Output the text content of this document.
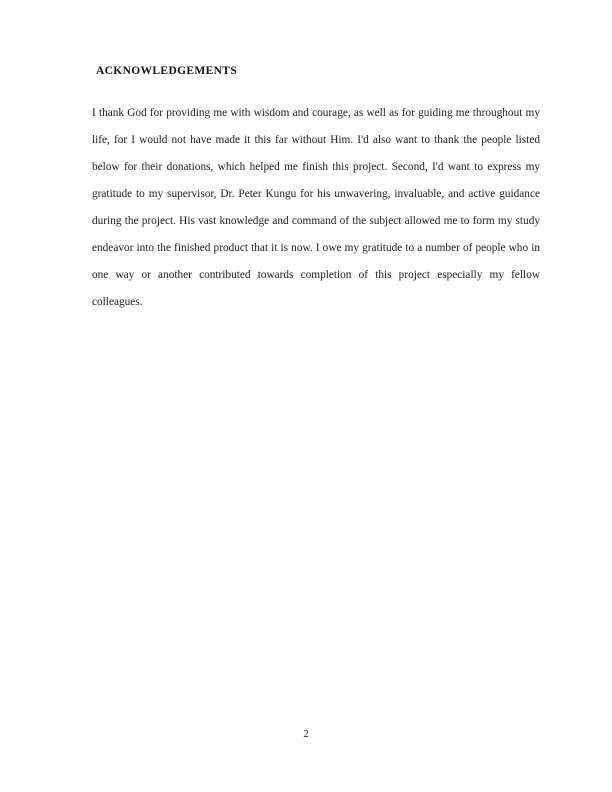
ACKNOWLEDGEMENTS

I thank God for providing me with wisdom and courage, as well as for guiding me throughout my life, for I would not have made it this far without Him. I'd also want to thank the people listed below for their donations, which helped me finish this project. Second, I'd want to express my gratitude to my supervisor, Dr. Peter Kungu for his unwavering, invaluable, and active guidance during the project. His vast knowledge and command of the subject allowed me to form my study endeavor into the finished product that it is now. I owe my gratitude to a number of people who in one way or another contributed towards completion of this project especially my fellow colleagues.

2
